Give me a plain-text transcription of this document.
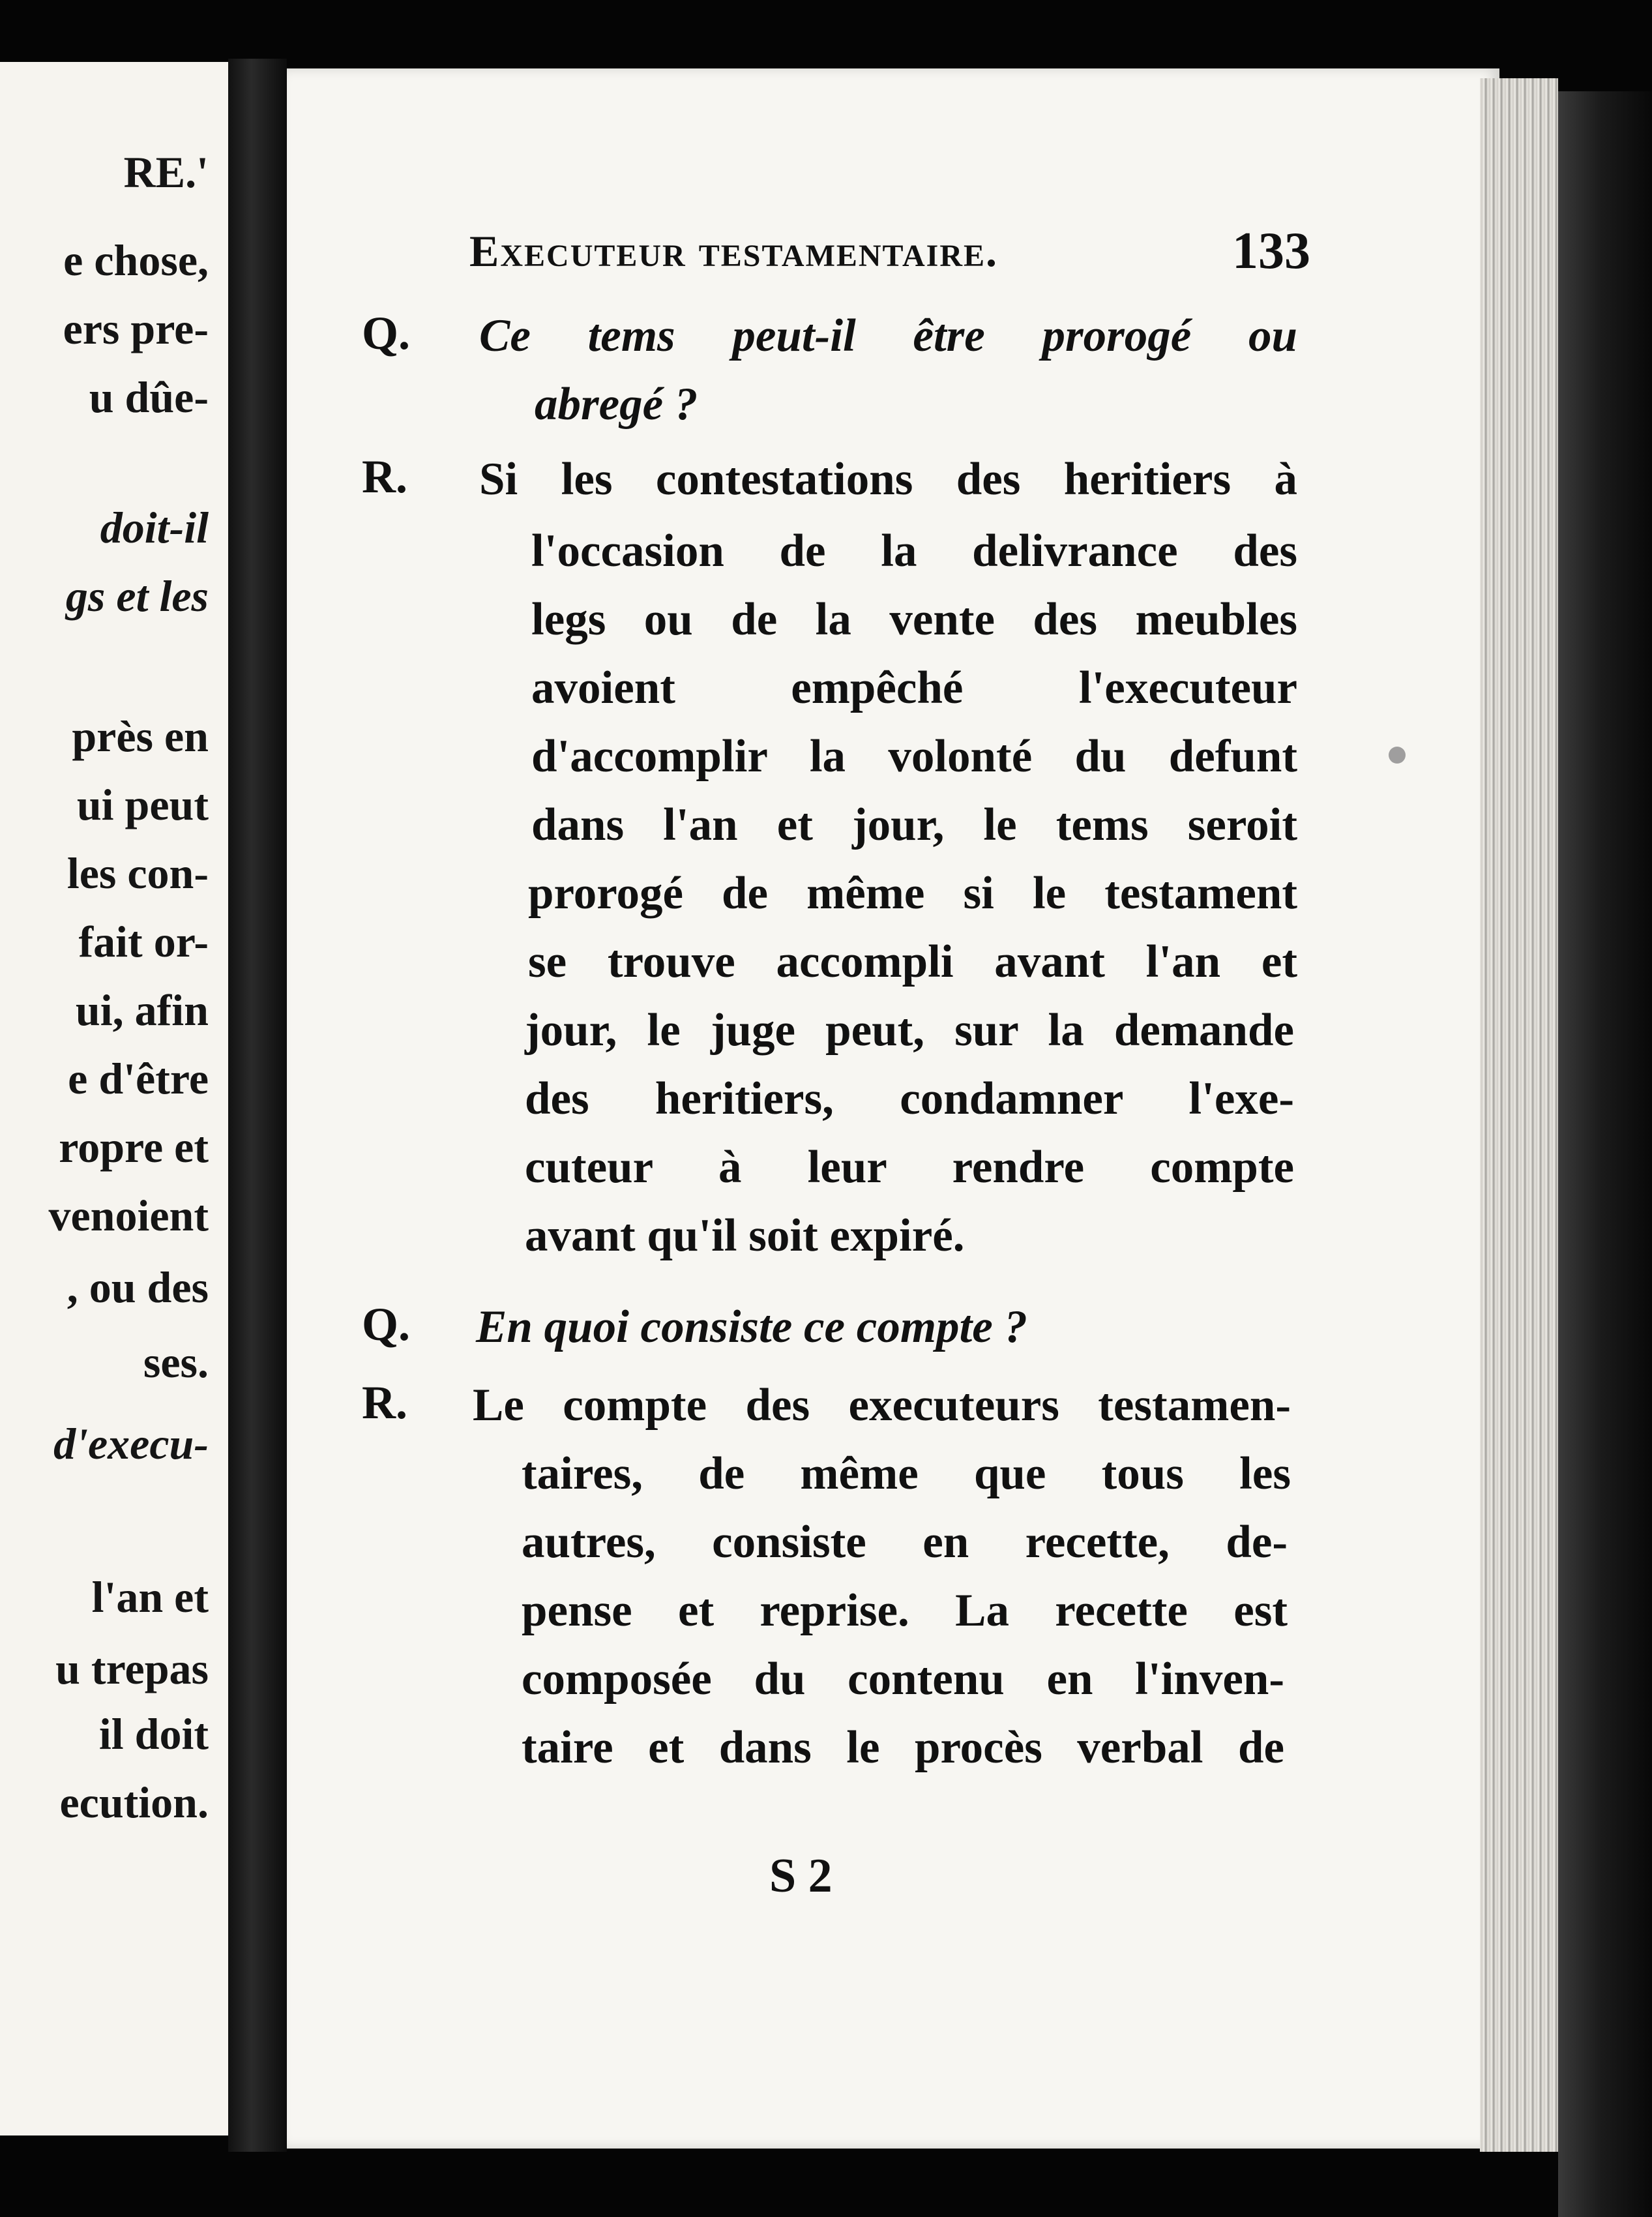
RE.'
e chose,
ers pre-
u dûe-
doit-il
gs et les
près en
ui peut
les con-
fait or-
ui, afin
e d'être
ropre et
venoient
, ou des
ses.
d'execu-
l'an et
u trepas
il doit
ecution.
Executeur testamentaire.	133
Q. Ce tems peut-il être prorogé ou
abregé ?
R. Si les contestations des heritiers à
l'occasion de la delivrance des
legs ou de la vente des meubles
avoient empêché l'executeur
d'accomplir la volonté du defunt
dans l'an et jour, le tems seroit
prorogé de même si le testament
se trouve accompli avant l'an et
jour, le juge peut, sur la demande
des heritiers, condamner l'exe-
cuteur à leur rendre compte
avant qu'il soit expiré.
Q. En quoi consiste ce compte ?
R. Le compte des executeurs testamen-
taires, de même que tous les
autres, consiste en recette, de-
pense et reprise. La recette est
composée du contenu en l'inven-
taire et dans le procès verbal de
S 2
